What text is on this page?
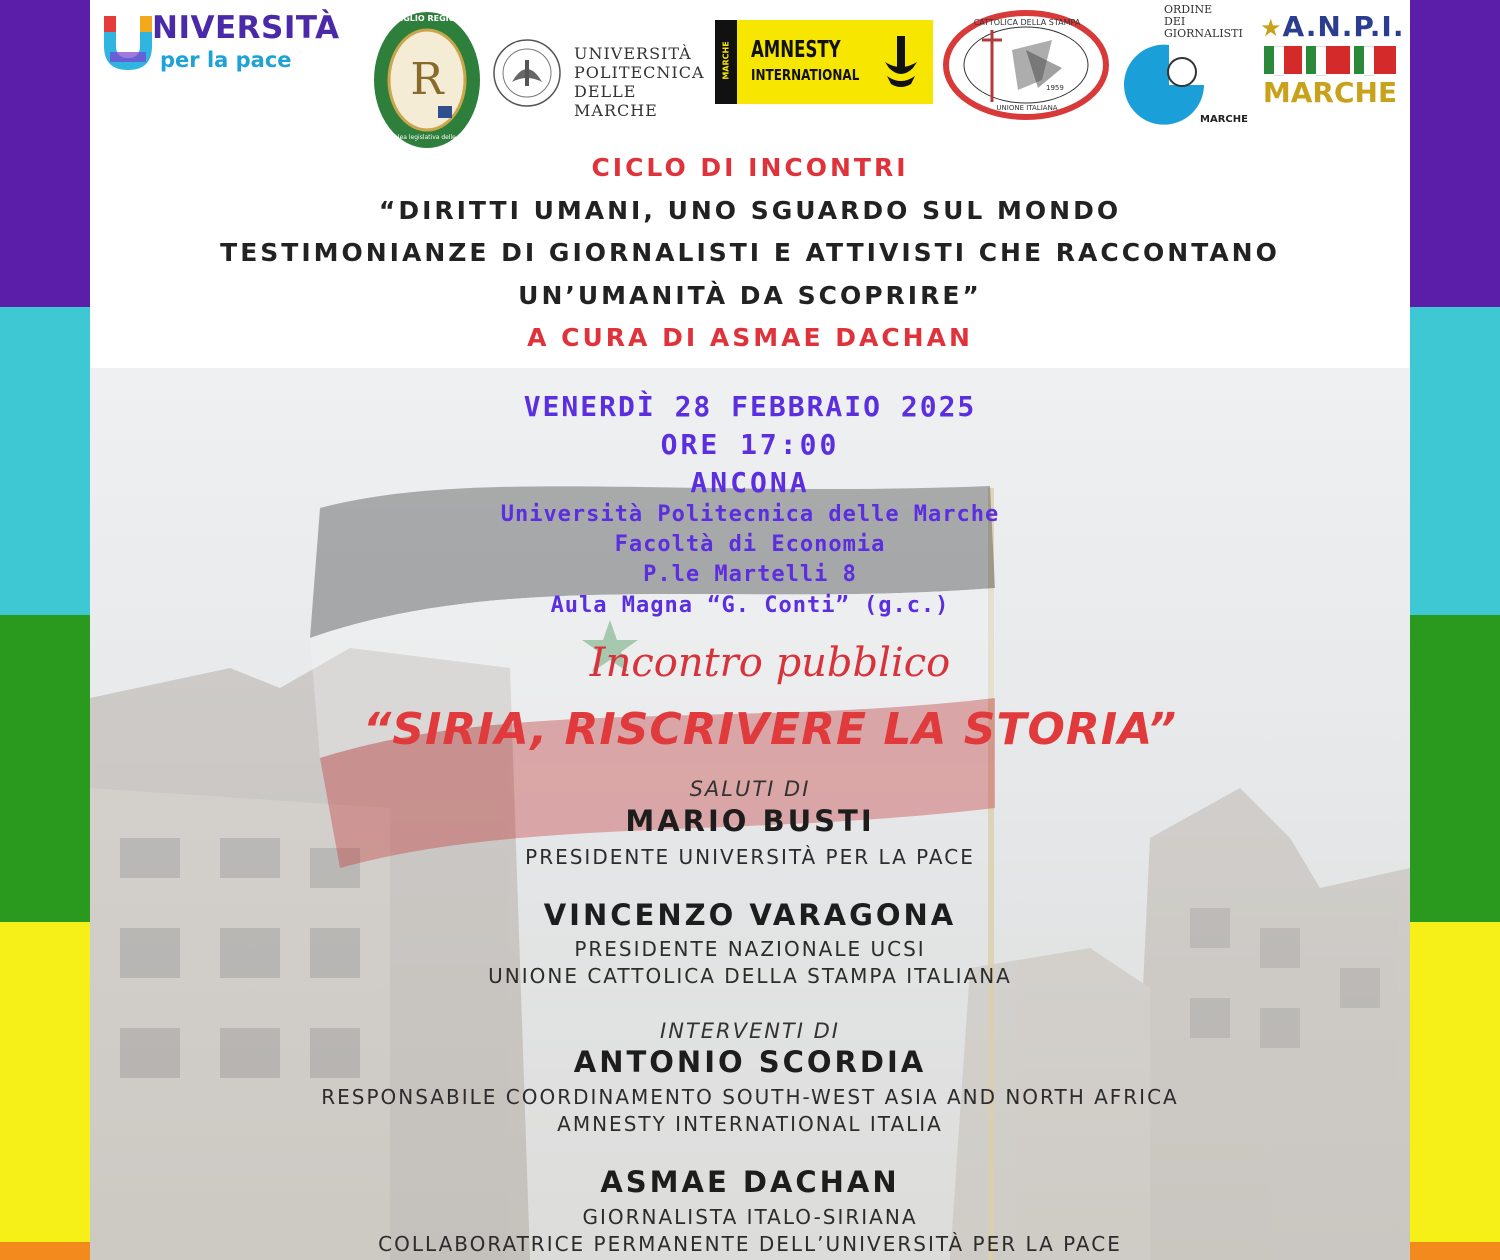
NIVERSITÀ
per la pace	R
CONSIGLIO REGIONALE
Assemblea legislativa delle Marche
UNIVERSITÀ
POLITECNICA
DELLE MARCHE
MARCHE AMNESTY
INTERNATIONAL
CATTOLICA DELLA STAMPA
UNIONE ITALIANA
1959
ORDINE
DEI
GIORNALISTI
MARCHE
★A.N.P.I.
MARCHE
CICLO DI INCONTRI
“DIRITTI UMANI, UNO SGUARDO SUL MONDO
TESTIMONIANZE DI GIORNALISTI E ATTIVISTI CHE RACCONTANO
UN’UMANITÀ DA SCOPRIRE”
A CURA DI ASMAE DACHAN
VENERDÌ 28 FEBBRAIO 2025
ORE 17:00
ANCONA
Università Politecnica delle Marche
Facoltà di Economia
P.le Martelli 8
Aula Magna “G. Conti” (g.c.)
Incontro pubblico
“SIRIA, RISCRIVERE LA STORIA”
SALUTI DI
MARIO BUSTI
PRESIDENTE UNIVERSITÀ PER LA PACE
VINCENZO VARAGONA
PRESIDENTE NAZIONALE UCSI
UNIONE CATTOLICA DELLA STAMPA ITALIANA
INTERVENTI DI
ANTONIO SCORDIA
RESPONSABILE COORDINAMENTO SOUTH-WEST ASIA AND NORTH AFRICA
AMNESTY INTERNATIONAL ITALIA
ASMAE DACHAN
GIORNALISTA ITALO-SIRIANA
COLLABORATRICE PERMANENTE DELL’UNIVERSITÀ PER LA PACE
